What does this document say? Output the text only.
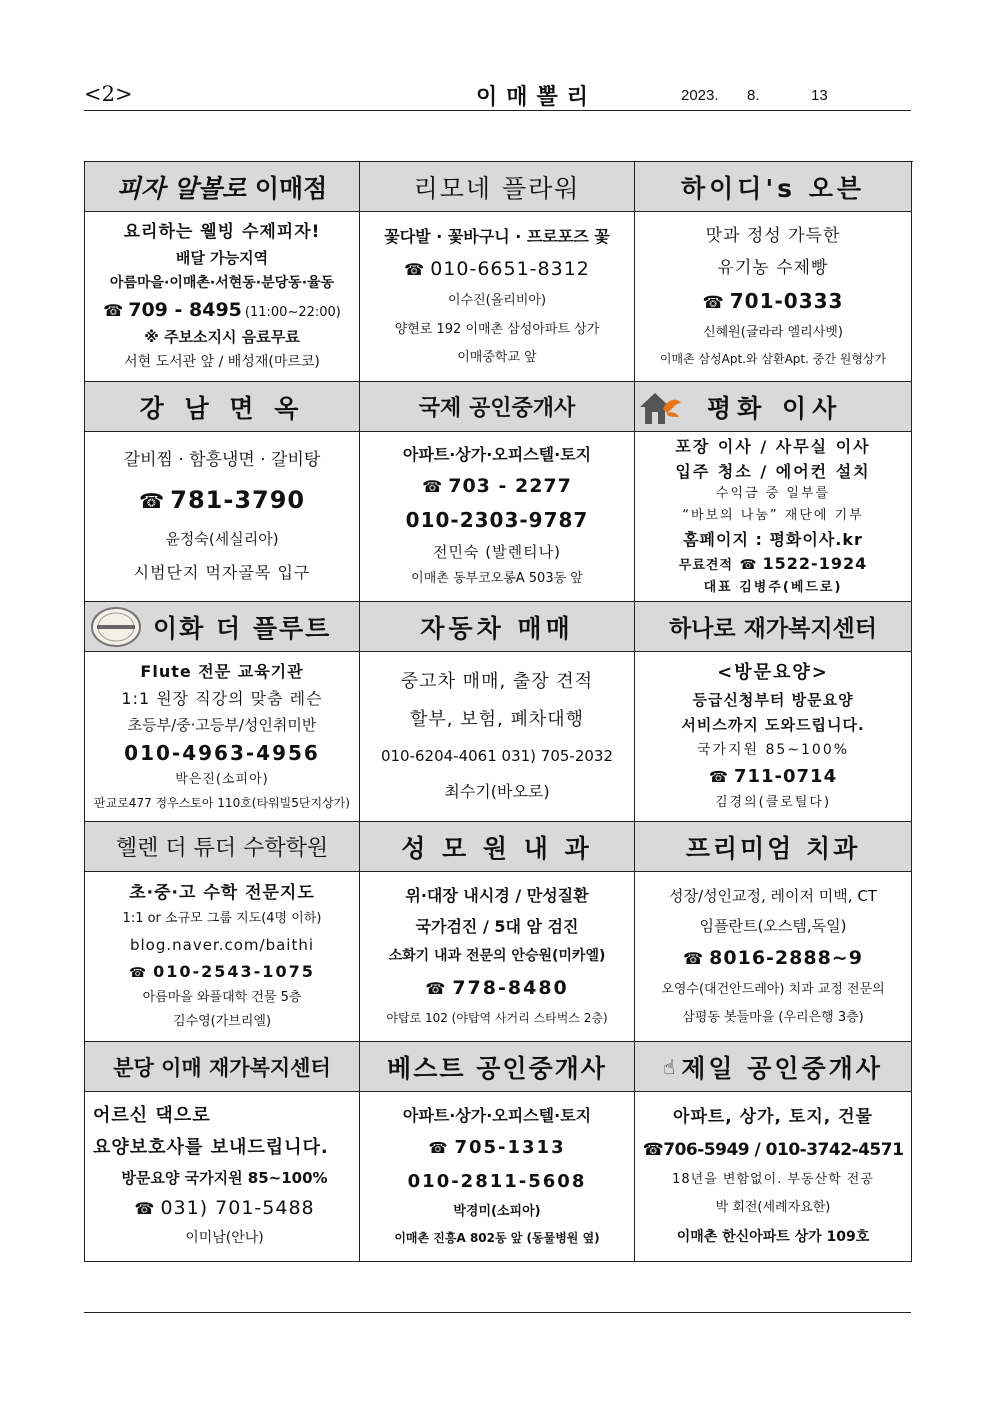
<2>	이매뽈리	2023. 8.	13
피자 알볼로
이매점
요리하는 웰빙 수제피자!
배달 가능지역
아름마을·이매촌·서현동·분당동·율동
☎ 709 - 8495 (11:00~22:00)
※ 주보소지시 음료무료
서현 도서관 앞 / 배성재(마르코)
리모네 플라워
꽃다발 · 꽃바구니 · 프로포즈 꽃
☎ 010-6651-8312
이수진(올리비아)
양현로 192 이매촌 삼성아파트 상가
이매중학교 앞
하이디's 오븐
맛과 정성 가득한
유기농 수제빵
☎ 701-0333
신혜원(글라라 엘리사벳)
이매촌 삼성Apt.와 삼환Apt. 중간 원형상가
강 남 면 옥
갈비찜 · 함흥냉면 · 갈비탕
☎ 781-3790
윤정숙(세실리아)
시범단지 먹자골목 입구
국제 공인중개사
아파트·상가·오피스텔·토지
☎ 703 - 2277
010-2303-9787
전민숙 (발렌티나)
이매촌 동부코오롱A 503동 앞
평화 이사
포장 이사 / 사무실 이사
입주 청소 / 에어컨 설치
수익금 중 일부를
“바보의 나눔” 재단에 기부
홈페이지 : 평화이사.kr
무료견적 ☎ 1522-1924
대표 김병주(베드로)
이화 더 플루트
Flute 전문 교육기관
1:1 원장 직강의 맞춤 레슨
초등부/중·고등부/성인취미반
010-4963-4956
박은진(소피아)
판교로477 정우스토아 110호(타워빌5단지상가)
자동차 매매
중고차 매매, 출장 견적
할부, 보험, 폐차대행
010-6204-4061 031) 705-2032
최수기(바오로)
하나로 재가복지센터
<방문요양>
등급신청부터 방문요양
서비스까지 도와드립니다.
국가지원 85~100%
☎ 711-0714
김경의(클로틸다)
헬렌 더 튜더 수학학원
초·중·고 수학 전문지도
1:1 or 소규모 그룹 지도(4명 이하)
blog.naver.com/baithi
☎ 010-2543-1075
아름마을 와플대학 건물 5층
김수영(가브리엘)
성 모 원 내 과
위·대장 내시경 / 만성질환
국가검진 / 5대 암 검진
소화기 내과 전문의 안승원(미카엘)
☎ 778-8480
야탑로 102 (야탑역 사거리 스타벅스 2층)
프리미엄 치과
성장/성인교정, 레이저 미백, CT
임플란트(오스템,독일)
☎ 8016-2888~9
오영수(대건안드레아) 치과 교정 전문의
삼평동 봇들마을 (우리은행 3층)
분당 이매 재가복지센터
어르신 댁으로
요양보호사를 보내드립니다.
방문요양 국가지원 85~100%
☎ 031) 701-5488
이미남(안나)
베스트 공인중개사
아파트·상가·오피스텔·토지
☎ 705-1313
010-2811-5608
박경미(소피아)
이매촌 진흥A 802동 앞 (동물병원 옆)
☝ 제일 공인중개사
아파트, 상가, 토지, 건물
☎706-5949 / 010-3742-4571
18년을 변함없이. 부동산학 전공
박 회전(세례자요한)
이매촌 한신아파트 상가 109호
